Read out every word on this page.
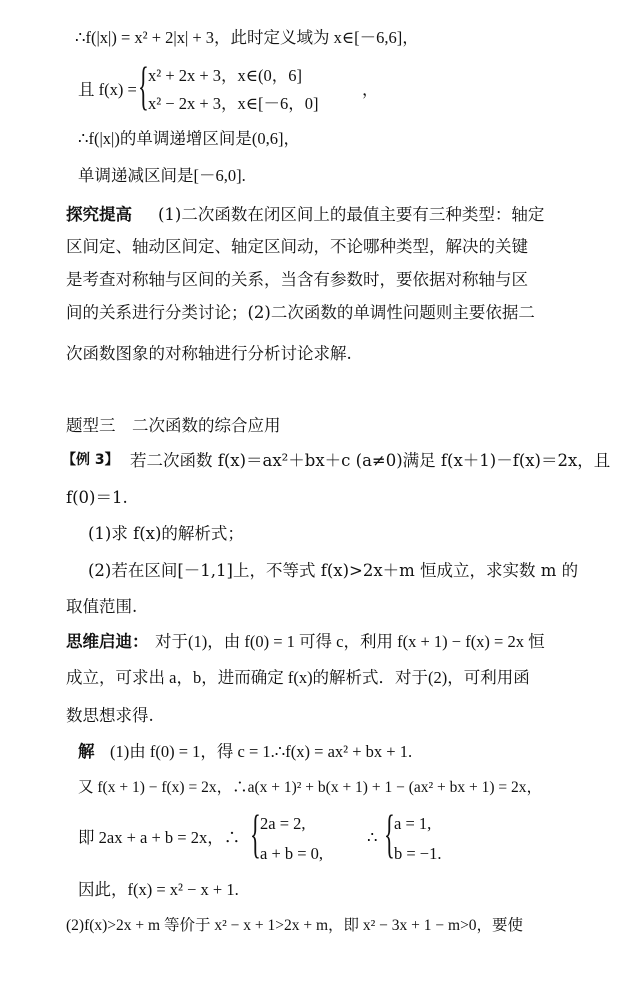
∴f(|x|) = x² + 2|x| + 3，此时定义域为 x∈[－6,6]，
且 f(x) = { x² + 2x + 3，x∈(0，6]
x² − 2x + 3，x∈[－6，0]
，
∴f(|x|)的单调递增区间是(0,6]，
单调递减区间是[－6,0].
探究提高 (1)二次函数在闭区间上的最值主要有三种类型：轴定
区间定、轴动区间定、轴定区间动，不论哪种类型，解决的关键
是考查对称轴与区间的关系，当含有参数时，要依据对称轴与区
间的关系进行分类讨论；(2)二次函数的单调性问题则主要依据二
次函数图象的对称轴进行分析讨论求解.
题型三　二次函数的综合应用
【例 3】 若二次函数 f(x)＝ax²＋bx＋c (a≠0)满足 f(x＋1)－f(x)＝2x，且
f(0)＝1.
(1)求 f(x)的解析式；
(2)若在区间[－1,1]上，不等式 f(x)>2x＋m 恒成立，求实数 m 的
取值范围.
思维启迪： 对于(1)，由 f(0) = 1 可得 c，利用 f(x + 1) − f(x) = 2x 恒
成立，可求出 a，b，进而确定 f(x)的解析式．对于(2)，可利用函
数思想求得.
解 (1)由 f(0) = 1，得 c = 1.∴f(x) = ax² + bx + 1.
又 f(x + 1) − f(x) = 2x，∴a(x + 1)² + b(x + 1) + 1 − (ax² + bx + 1) = 2x，
即 2ax + a + b = 2x，∴ { 2a = 2,
a + b = 0,
∴ { a = 1,
b = −1.
因此，f(x) = x² − x + 1.
(2)f(x)>2x + m 等价于 x² − x + 1>2x + m，即 x² − 3x + 1 − m>0，要使
